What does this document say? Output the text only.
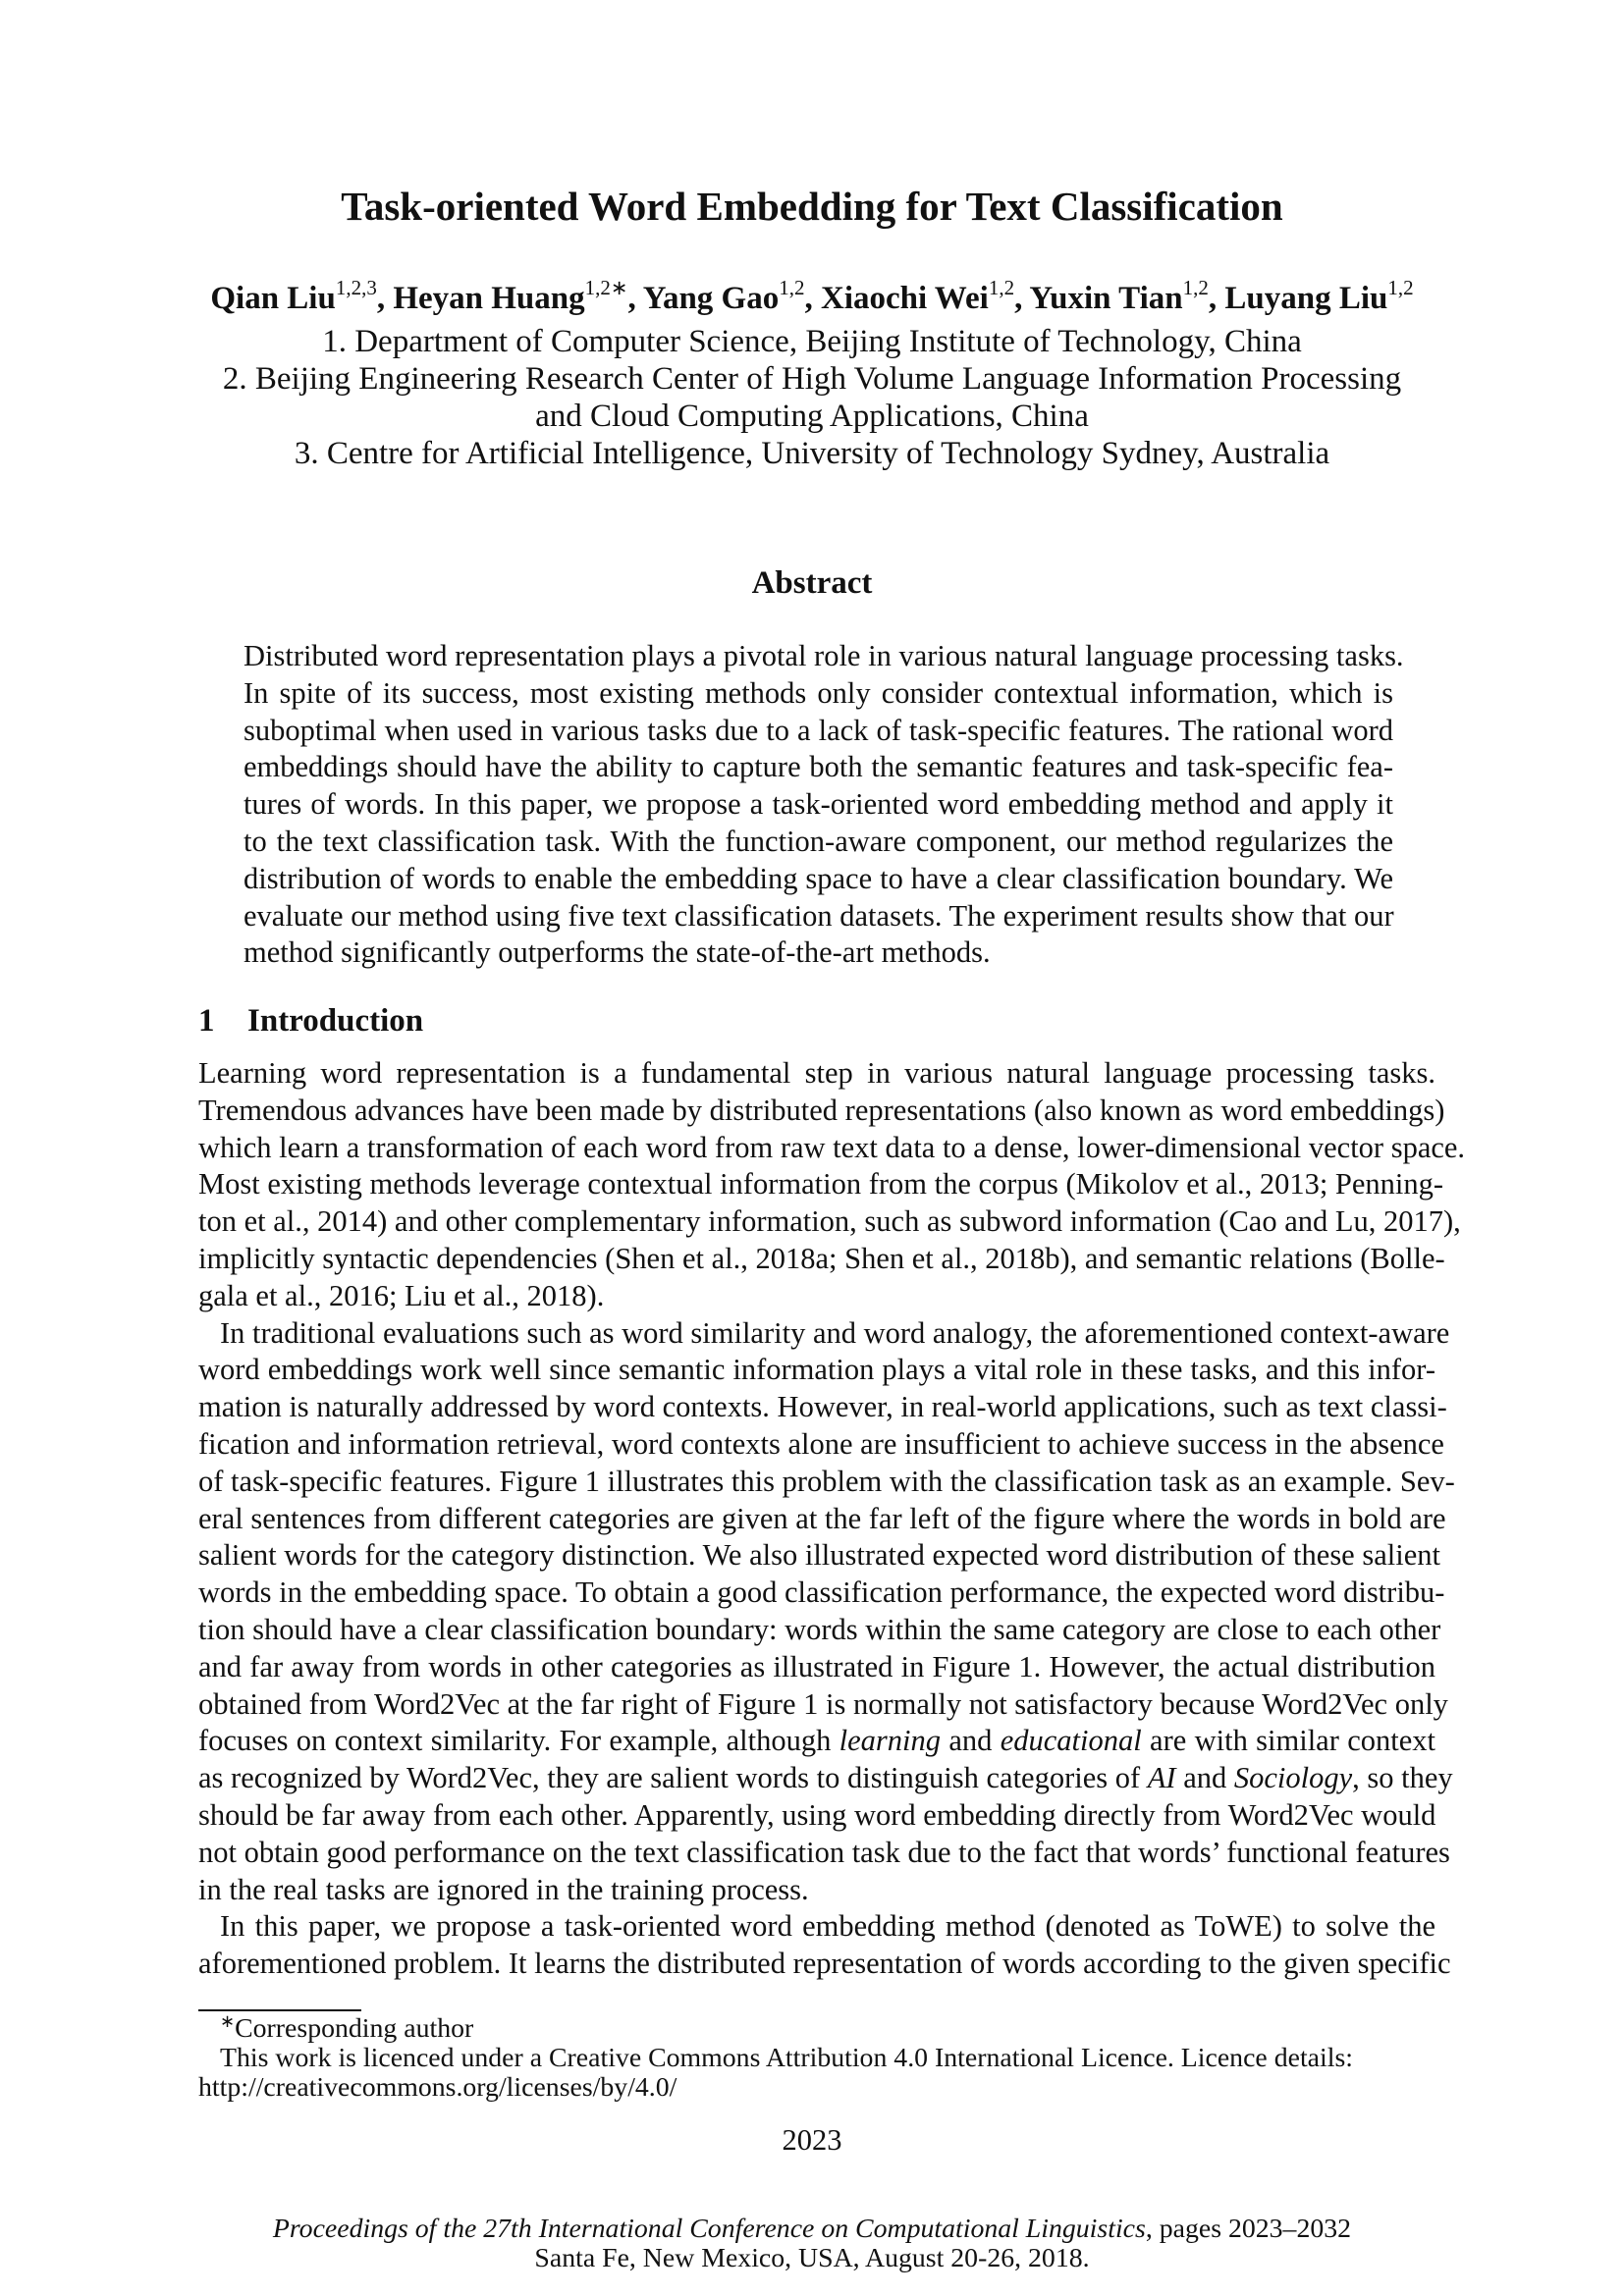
Task-oriented Word Embedding for Text Classification
Qian Liu$^{1,2,3}$, Heyan Huang$^{1,2∗}$, Yang Gao$^{1,2}$, Xiaochi Wei$^{1,2}$, Yuxin Tian$^{1,2}$, Luyang Liu$^{1,2}$
1. Department of Computer Science, Beijing Institute of Technology, China
2. Beijing Engineering Research Center of High Volume Language Information Processing
and Cloud Computing Applications, China
3. Centre for Artificial Intelligence, University of Technology Sydney, Australia
Abstract
Distributed word representation plays a pivotal role in various natural language processing tasks.
In spite of its success, most existing methods only consider contextual information, which is
suboptimal when used in various tasks due to a lack of task-specific features. The rational word
embeddings should have the ability to capture both the semantic features and task-specific fea-
tures of words. In this paper, we propose a task-oriented word embedding method and apply it
to the text classification task. With the function-aware component, our method regularizes the
distribution of words to enable the embedding space to have a clear classification boundary. We
evaluate our method using five text classification datasets. The experiment results show that our
method significantly outperforms the state-of-the-art methods.
1 Introduction
Learning word representation is a fundamental step in various natural language processing tasks.
Tremendous advances have been made by distributed representations (also known as word embeddings)
which learn a transformation of each word from raw text data to a dense, lower-dimensional vector space.
Most existing methods leverage contextual information from the corpus (Mikolov et al., 2013; Penning-
ton et al., 2014) and other complementary information, such as subword information (Cao and Lu, 2017),
implicitly syntactic dependencies (Shen et al., 2018a; Shen et al., 2018b), and semantic relations (Bolle-
gala et al., 2016; Liu et al., 2018).
In traditional evaluations such as word similarity and word analogy, the aforementioned context-aware
word embeddings work well since semantic information plays a vital role in these tasks, and this infor-
mation is naturally addressed by word contexts. However, in real-world applications, such as text classi-
fication and information retrieval, word contexts alone are insufficient to achieve success in the absence
of task-specific features. Figure 1 illustrates this problem with the classification task as an example. Sev-
eral sentences from different categories are given at the far left of the figure where the words in bold are
salient words for the category distinction. We also illustrated expected word distribution of these salient
words in the embedding space. To obtain a good classification performance, the expected word distribu-
tion should have a clear classification boundary: words within the same category are close to each other
and far away from words in other categories as illustrated in Figure 1. However, the actual distribution
obtained from Word2Vec at the far right of Figure 1 is normally not satisfactory because Word2Vec only
focuses on context similarity. For example, although learning and educational are with similar context
as recognized by Word2Vec, they are salient words to distinguish categories of AI and Sociology, so they
should be far away from each other. Apparently, using word embedding directly from Word2Vec would
not obtain good performance on the text classification task due to the fact that words’ functional features
in the real tasks are ignored in the training process.
In this paper, we propose a task-oriented word embedding method (denoted as ToWE) to solve the
aforementioned problem. It learns the distributed representation of words according to the given specific
∗Corresponding author
This work is licenced under a Creative Commons Attribution 4.0 International Licence. Licence details:
http://creativecommons.org/licenses/by/4.0/
2023
Proceedings of the 27th International Conference on Computational Linguistics, pages 2023–2032
Santa Fe, New Mexico, USA, August 20-26, 2018.
